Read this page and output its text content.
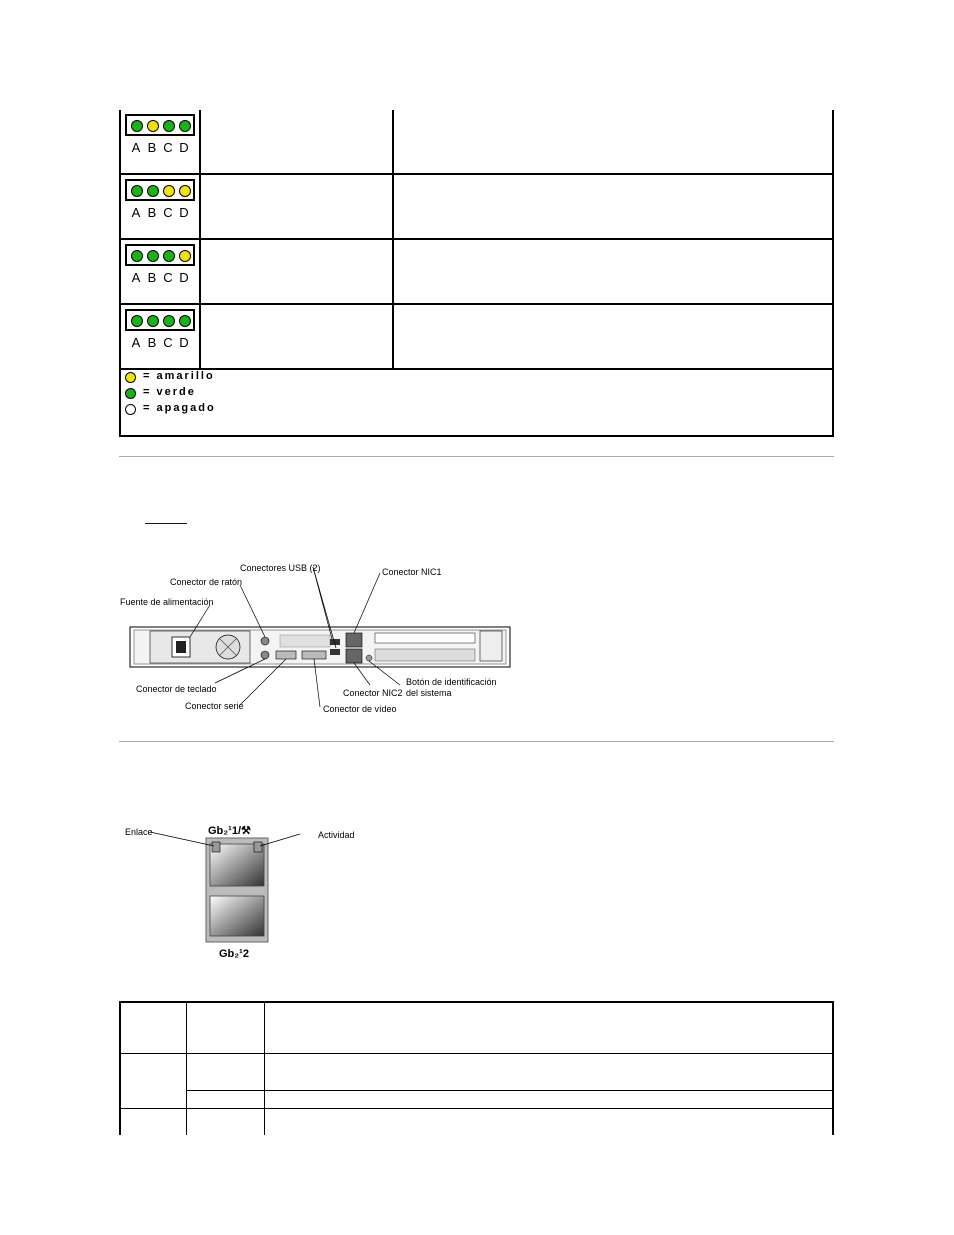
A B C D
A B C D
A B C D
A B C D
= amarillo
= verde
= apagado
Conectores USB (2)	Conector NIC1
Conector de ratón
Fuente de alimentación
Conector de teclado
Conector serie	Conector de vídeo
Conector NIC2
Botón de identificación
del sistema
Enlace	Actividad
Gb₂¹1/⚒
Gb₂¹2
